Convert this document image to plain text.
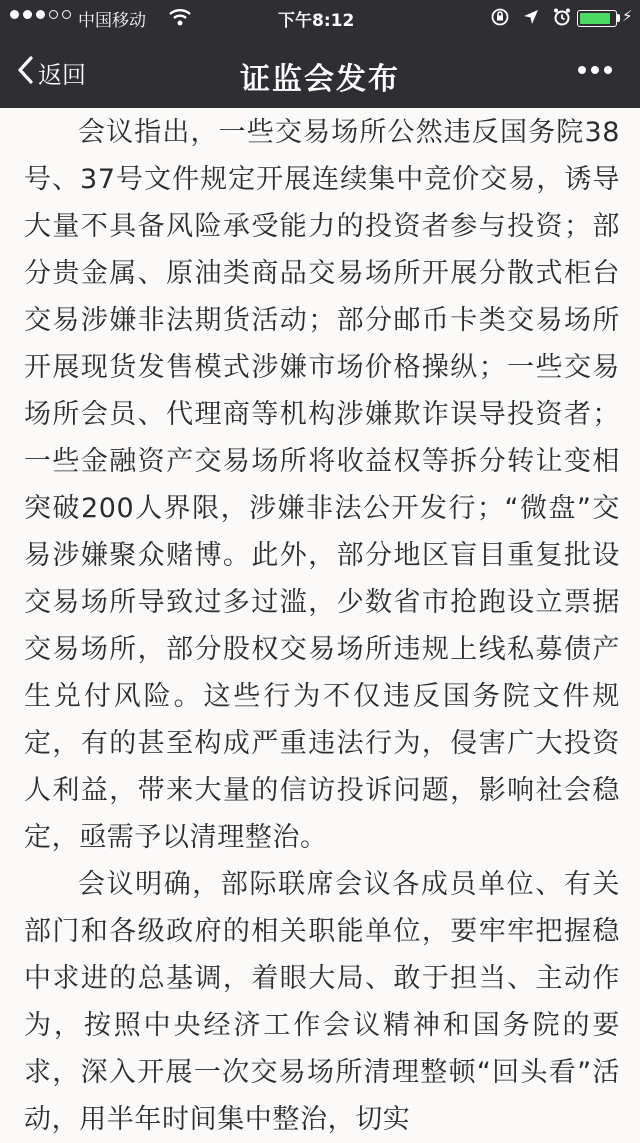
中国移动	下午8:12	⚡
返回	证监会发布

会议指出，一些交易场所公然违反国务院38号、37号文件规定开展连续集中竞价交易，诱导大量不具备风险承受能力的投资者参与投资；部分贵金属、原油类商品交易场所开展分散式柜台交易涉嫌非法期货活动；部分邮币卡类交易场所开展现货发售模式涉嫌市场价格操纵；一些交易场所会员、代理商等机构涉嫌欺诈误导投资者；一些金融资产交易场所将收益权等拆分转让变相突破200人界限，涉嫌非法公开发行；“微盘”交易涉嫌聚众赌博。此外，部分地区盲目重复批设交易场所导致过多过滥，少数省市抢跑设立票据交易场所，部分股权交易场所违规上线私募债产生兑付风险。这些行为不仅违反国务院文件规定，有的甚至构成严重违法行为，侵害广大投资人利益，带来大量的信访投诉问题，影响社会稳定，亟需予以清理整治。

会议明确，部际联席会议各成员单位、有关部门和各级政府的相关职能单位，要牢牢把握稳中求进的总基调，着眼大局、敢于担当、主动作为，按照中央经济工作会议精神和国务院的要求，深入开展一次交易场所清理整顿“回头看”活动，用半年时间集中整治，切实
